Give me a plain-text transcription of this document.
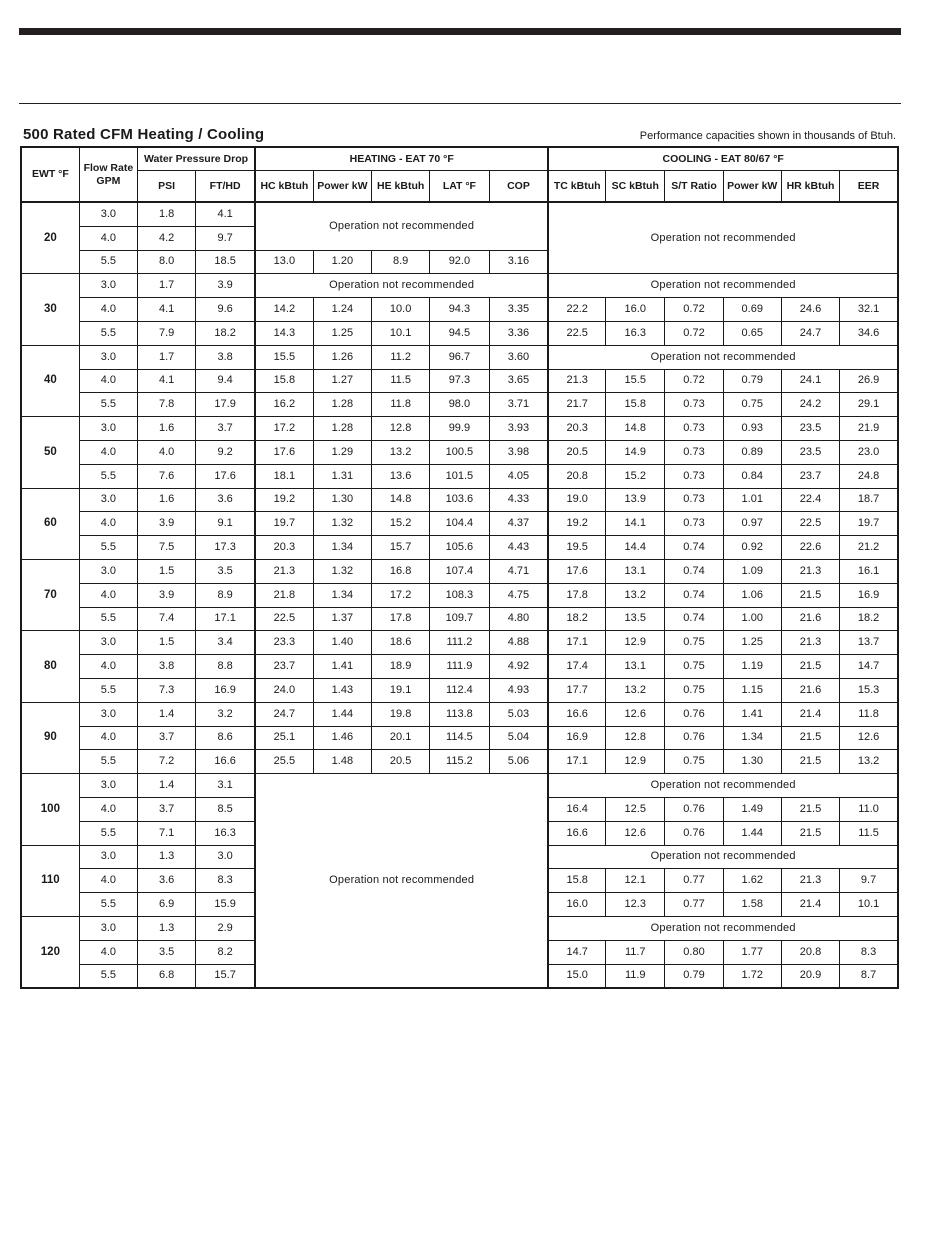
500 Rated CFM Heating / Cooling	Performance capacities shown in thousands of Btuh.
EWT °F	Flow Rate GPM	Water Pressure Drop		HEATING - EAT 70 °F					COOLING - EAT 80/67 °F					
		PSI	FT/HD	HC kBtuh	Power kW	HE kBtuh	LAT °F	COP	TC kBtuh	SC kBtuh	S/T Ratio	Power kW	HR kBtuh	EER
20	3.0	1.8	4.1	Operation not recommended					Operation not recommended					
	4.0	4.2	9.7											
	5.5	8.0	18.5	13.0	1.20	8.9	92.0	3.16						
30	3.0	1.7	3.9	Operation not recommended					Operation not recommended					
	4.0	4.1	9.6	14.2	1.24	10.0	94.3	3.35	22.2	16.0	0.72	0.69	24.6	32.1
	5.5	7.9	18.2	14.3	1.25	10.1	94.5	3.36	22.5	16.3	0.72	0.65	24.7	34.6
40	3.0	1.7	3.8	15.5	1.26	11.2	96.7	3.60	Operation not recommended					
	4.0	4.1	9.4	15.8	1.27	11.5	97.3	3.65	21.3	15.5	0.72	0.79	24.1	26.9
	5.5	7.8	17.9	16.2	1.28	11.8	98.0	3.71	21.7	15.8	0.73	0.75	24.2	29.1
50	3.0	1.6	3.7	17.2	1.28	12.8	99.9	3.93	20.3	14.8	0.73	0.93	23.5	21.9
	4.0	4.0	9.2	17.6	1.29	13.2	100.5	3.98	20.5	14.9	0.73	0.89	23.5	23.0
	5.5	7.6	17.6	18.1	1.31	13.6	101.5	4.05	20.8	15.2	0.73	0.84	23.7	24.8
60	3.0	1.6	3.6	19.2	1.30	14.8	103.6	4.33	19.0	13.9	0.73	1.01	22.4	18.7
	4.0	3.9	9.1	19.7	1.32	15.2	104.4	4.37	19.2	14.1	0.73	0.97	22.5	19.7
	5.5	7.5	17.3	20.3	1.34	15.7	105.6	4.43	19.5	14.4	0.74	0.92	22.6	21.2
70	3.0	1.5	3.5	21.3	1.32	16.8	107.4	4.71	17.6	13.1	0.74	1.09	21.3	16.1
	4.0	3.9	8.9	21.8	1.34	17.2	108.3	4.75	17.8	13.2	0.74	1.06	21.5	16.9
	5.5	7.4	17.1	22.5	1.37	17.8	109.7	4.80	18.2	13.5	0.74	1.00	21.6	18.2
80	3.0	1.5	3.4	23.3	1.40	18.6	111.2	4.88	17.1	12.9	0.75	1.25	21.3	13.7
	4.0	3.8	8.8	23.7	1.41	18.9	111.9	4.92	17.4	13.1	0.75	1.19	21.5	14.7
	5.5	7.3	16.9	24.0	1.43	19.1	112.4	4.93	17.7	13.2	0.75	1.15	21.6	15.3
90	3.0	1.4	3.2	24.7	1.44	19.8	113.8	5.03	16.6	12.6	0.76	1.41	21.4	11.8
	4.0	3.7	8.6	25.1	1.46	20.1	114.5	5.04	16.9	12.8	0.76	1.34	21.5	12.6
	5.5	7.2	16.6	25.5	1.48	20.5	115.2	5.06	17.1	12.9	0.75	1.30	21.5	13.2
100	3.0	1.4	3.1	Operation not recommended					Operation not recommended					
	4.0	3.7	8.5						16.4	12.5	0.76	1.49	21.5	11.0
	5.5	7.1	16.3						16.6	12.6	0.76	1.44	21.5	11.5
110	3.0	1.3	3.0						Operation not recommended					
	4.0	3.6	8.3						15.8	12.1	0.77	1.62	21.3	9.7
	5.5	6.9	15.9						16.0	12.3	0.77	1.58	21.4	10.1
120	3.0	1.3	2.9						Operation not recommended					
	4.0	3.5	8.2						14.7	11.7	0.80	1.77	20.8	8.3
	5.5	6.8	15.7						15.0	11.9	0.79	1.72	20.9	8.7
